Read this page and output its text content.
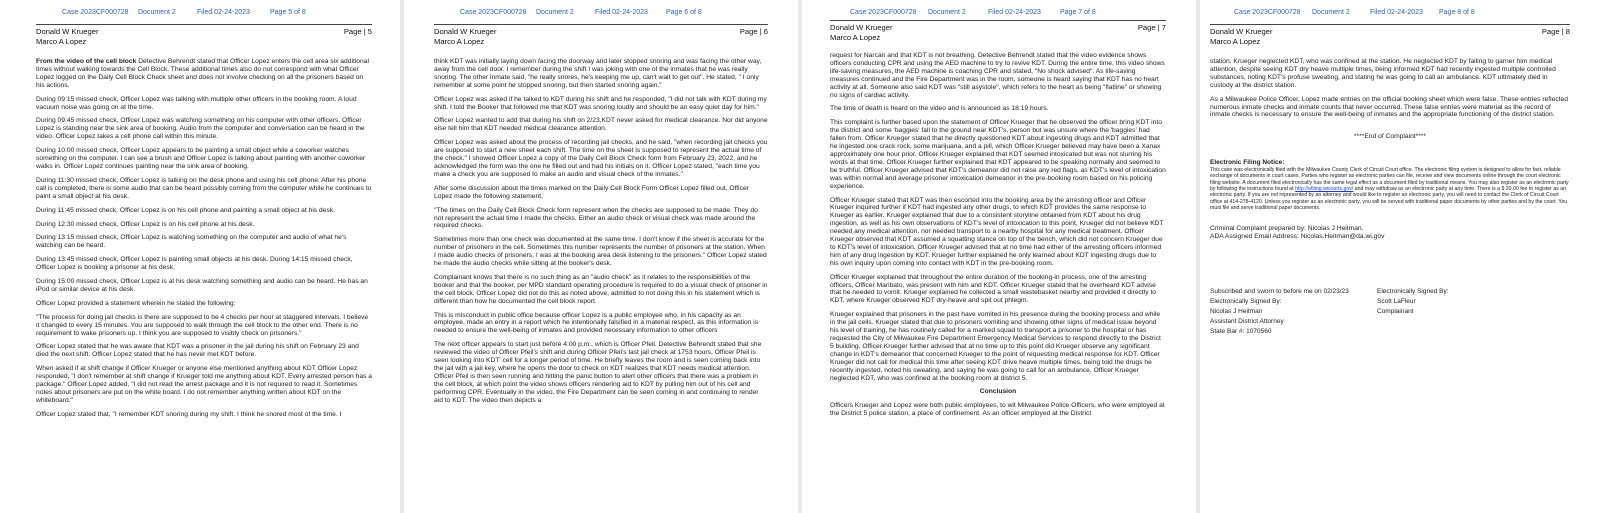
Case 2023CF000728 Document 2	Filed 02-24-2023	Page 5 of 8
Donald W Krueger
Marco A Lopez
Page | 5

From the video of the cell block Detective Behrendt stated that Officer Lopez enters the cell area six additional times without walking towards the Cell Block. These additional times also do not correspond with what Officer Lopez logged on the Daily Cell Block Check sheet and does not involve checking on all the prisoners based on his actions.

During 09:15 missed check, Officer Lopez was talking with multiple other officers in the booking room. A loud vacuum noise was going on at the time.

During 09:45 missed check, Officer Lopez was watching something on his computer with other officers. Officer Lopez is standing near the sink area of booking. Audio from the computer and conversation can be heard in the video. Officer Lopez takes a cell phone call within this minute.

During 10:00 missed check, Officer Lopez appears to be painting a small object while a coworker watches something on the computer. I can see a brush and Officer Lopez is talking about painting with another coworker walks in. Officer Lopez continues painting near the sink area of booking.

During 11:30 missed check, Officer Lopez is talking on the desk phone and using his cell phone. After his phone call is completed, there is some audio that can be heard possibly coming from the computer while he continues to paint a small object at his desk.

During 11:45 missed check, Officer Lopez is on his cell phone and painting a small object at his desk.

During 12:30 missed check, Officer Lopez is on his cell phone at his desk.

During 13:15 missed check, Officer Lopez is watching something on the computer and audio of what he's watching can be heard.

During 13:45 missed check, Officer Lopez is painting small objects at his desk. During 14:15 missed check, Officer Lopez is booking a prisoner at his desk.

During 15:00 missed check, Officer Lopez is at his desk watching something and audio can be heard. He has an iPod or similar device at his desk.

Officer Lopez provided a statement wherein he stated the following:

"The process for doing jail checks is there are supposed to be 4 checks per hour at staggered intervals. I believe it changed to every 15 minutes. You are supposed to walk through the cell block to the other end. There is no requirement to wake prisoners up. I think you are supposed to visibly check on prisoners."

Officer Lopez stated that he was aware that KDT was a prisoner in the jail during his shift on February 23 and died the next shift. Officer Lopez stated that he has never met KDT before.

When asked if at shift change if Officer Krueger or anyone else mentioned anything about KDT Officer Lopez responded, "I don't remember at shift change if Krueger told me anything about KDT. Every arrested person has a package." Officer Lopez added, "I did not read the arrest package and it is not required to read it. Sometimes notes about prisoners are put on the white board. I do not remember anything written about KDT on the whiteboard."

Officer Lopez stated that, "I remember KDT snoring during my shift. I think he snored most of the time. I

Case 2023CF000728 Document 2	Filed 02-24-2023	Page 6 of 8
Donald W Krueger
Marco A Lopez
Page | 6

think KDT was initially laying down facing the doorway and later stopped snoring and was facing the other way, away from the cell door. I remember during the shift I was joking with one of the inmates that he was really snoring. The other inmate said, "he really snores, he's keeping me up, can't wait to get out". He stated, " I only remember at some point he stopped snoring, but then started snoring again."

Officer Lopez was asked if he talked to KDT during his shift and he responded, "I did not talk with KDT during my shift. I told the Booker that followed me that KDT was snoring loudly and should be an easy quiet day for him."

Officer Lopez wanted to add that during his shift on 2/23,KDT never asked for medical clearance. Nor did anyone else tell him that KDT needed medical clearance attention.

Officer Lopez was asked about the process of recording jail checks, and he said, "when recording jail checks you are supposed to start a new sheet each shift. The time on the sheet is supposed to represent the actual time of the check." I showed Officer Lopez a copy of the Daily Cell Block Check form from February 23, 2022, and he acknowledged the form was the one he filled out and had his initials on it. Officer Lopez stated, "each time you make a check you are supposed to make an audio and visual check of the inmates."

After some discussion about the times marked on the Daily Cell Block Form Officer Lopez filled out, Officer Lopez made the following statement,

"The times on the Daily Cell Block Check form represent when the checks are supposed to be made. They do not represent the actual time I made the checks. Either an audio check or visual check was made around the required checks.

Sometimes more than one check was documented at the same time. I don't know if the sheet is accurate for the number of prisoners in the cell. Sometimes this number represents the number of prisoners at the station. When I made audio checks of prisoners, I was at the booking area desk listening to the prisoners." Officer Lopez stated he made the audio checks while sitting at the booker's desk.

Complainant knows that there is no such thing as an "audio check" as it relates to the responsibilities of the booker and that the booker, per MPD standard operating procedure is required to do a visual check of prisoner in the cell block. Officer Lopez did not do this as noted above, admitted to not doing this in his statement which is different than how he documented the cell block report.

This is misconduct in public office because officer Lopez is a public employee who, in his capacity as an employee, made an entry in a report which he intentionally falsified in a material respect, as this information is needed to ensure the well-being of inmates and provided necessary information to other officers

The next officer appears to start just before 4:00 p.m., which is Officer Pfeil. Detective Behrendt stated that she reviewed the video of Officer Pfeil's shift and during Officer Pfeil's last jail check at 1753 hours, Officer Pfeil is seen looking into KDT' cell for a longer period of time. He briefly leaves the room and is seen coming back into the jail with a jail key, where he opens the door to check on KDT realizes that KDT needs medical attention. Officer Pfeil is then seen running and hitting the panic button to alert other officers that there was a problem in the cell block, at which point the video shows officers rendering aid to KDT by pulling him out of his cell and performing CPR. Eventually in the video, the Fire Department can be seen coming in and continuing to render aid to KDT. The video then depicts a

Case 2023CF000728 Document 2	Filed 02-24-2023	Page 7 of 8
Donald W Krueger
Marco A Lopez
Page | 7

request for Narcan and that KDT is not breathing. Detective Behrendt stated that the video evidence shows officers conducting CPR and using the AED machine to try to revive KDT. During the entire time, this video shows life-saving measures, the AED machine is coaching CPR and stated, "No shock advised". As life-saving measures continued and the Fire Department was in the room, someone is heard saying that KDT has no heart activity at all. Someone also said KDT was "still asystole", which refers to the heart as being "flatline" or showing no signs of cardiac activity.

The time of death is heard on the video and is announced as 18:19 hours.

This complaint is further based upon the statement of Officer Krueger that he observed the officer bring KDT into the district and some 'baggies' fall to the ground near KDT's, person but was unsure where the 'baggies' had fallen from. Officer Krueger stated that he directly questioned KDT about ingesting drugs and KDT admitted that he ingested one crack rock, some marijuana, and a pill, which Officer Krueger believed may have been a Xanax approximately one hour prior. Officer Krueger explained that KDT seemed intoxicated but was not slurring his words at that time. Officer Krueger further explained that KDT appeared to be speaking normally and seemed to be truthful. Officer Krueger advised that KDT's demeanor did not raise any red flags, as KDT's level of intoxication was within normal and average prisoner intoxication demeanor in the pre-booking room based on his policing experience.

Officer Krueger stated that KDT was then escorted into the booking area by the arresting officer and Officer Krueger inquired further if KDT had ingested any other drugs, to which KDT provides the same response to Krueger as earlier. Krueger explained that due to a consistent storyline obtained from KDT about his drug ingestion, as well as his own observations of KDT's level of intoxication to this point, Krueger did not believe KDT needed any medical attention, nor needed transport to a nearby hospital for any medical treatment. Officer Krueger observed that KDT assumed a squatting stance on top of the bench, which did not concern Krueger due to KDT's level of intoxication. Officer Krueger advised that at no time had either of the arresting officers informed him of any drug ingestion by KDT. Krueger further explained he only learned about KDT ingesting drugs due to his own inquiry upon coming into contact with KDT in the pre-booking room.

Officer Krueger explained that throughout the entire duration of the booking-in process, one of the arresting officers, Officer Maribato, was present with him and KDT. Officer Krueger stated that he overheard KDT advise that he needed to vomit. Krueger explained he collected a small wastebasket nearby and provided it directly to KDT, where Krueger observed KDT dry-heave and spit out phlegm.

Krueger explained that prisoners in the past have vomited in his presence during the booking process and while in the jail cells. Krueger stated that due to prisoners vomiting and showing other signs of medical issue beyond his level of training, he has routinely called for a marked squad to transport a prisoner to the hospital or has requested the City of Milwaukee Fire Department Emergency Medical Services to respond directly to the District 5 building. Officer Krueger further advised that at no time up to this point did Krueger observe any significant change in KDT's demeanor that concerned Krueger to the point of requesting medical response for KDT. Officer Krueger did not call for medical this time after seeing KDT drive heave multiple times, being told the drugs he recently ingested, noted his sweating, and saying he was going to call for an ambulance. Officer Krueger neglected KDT, who was confined at the booking room at district 5.

Conclusion

Officers Krueger and Lopez were both public employees, to wit Milwaukee Police Officers, who were employed at the District 5 police station, a place of confinement. As an officer employed at the District

Case 2023CF000728 Document 2	Filed 02-24-2023 Page 8 of 8
Donald W Krueger
Marco A Lopez
Page | 8

station, Krueger neglected KDT, who was confined at the station. He neglected KDT by failing to garner him medical attention, despite seeing KDT dry heave multiple times, being informed KDT had recently ingested multiple controlled substances, noting KDT's profuse sweating, and stating he was going to call an ambulance. KDT ultimately died in custody at the district station.

As a Milwaukee Police Officer, Lopez made entries on the official booking sheet which were false. These entries reflected numerous inmate checks and inmate counts that never occurred. These false entries were material as the record of inmate checks is necessary to ensure the well-being of inmates and the appropriate functioning of the district station.

****End of Complaint****

Electronic Filing Notice:

This case was electronically filed with the Milwaukee County Clerk of Circuit Court office. The electronic filing system is designed to allow for fast, reliable exchange of documents in court cases. Parties who register as electronic parties can file, receive and view documents online through the court electronic filing website. A document filed electronically has the same legal effect as a document filed by traditional means. You may also register as an electronic party by following the instructions found at http://efiling.wicourts.gov/ and may withdraw as an electronic party at any time. There is a $ 20.00 fee to register as an electronic party. If you are not represented by an attorney and would like to register an electronic party, you will need to contact the Clerk of Circuit Court office at 414-278-4120. Unless you register as an electronic party, you will be served with traditional paper documents by other parties and by the court. You must file and serve traditional paper documents.

Criminal Complaint prepared by: Nicolas J Heitman.
ADA Assigned Email Address: Nicolas.Heitman@da.wi.gov
Subscribed and sworn to before me on 02/23/23
Electronically Signed By:
Nicolas J Heitman
Assistant District Attorney
State Bar #: 1070560
Electronically Signed By:
Scott LaFleur
Complainant
